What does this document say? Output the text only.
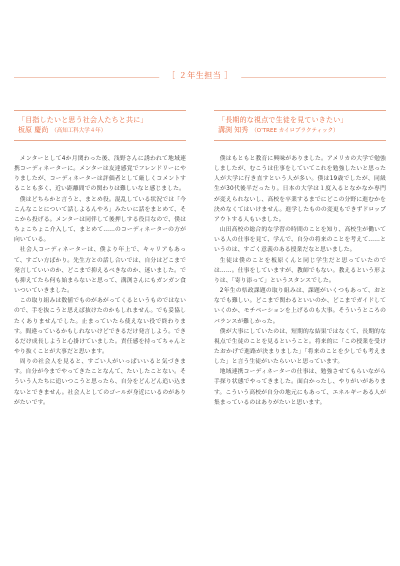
［ ２年生担当 ］
「目指したいと思う社会人たちと共に」
板原 慶尚 （高知工科大学４年）

メンターとして4か月関わった後、浅野さんに誘われて地域連携コーディネーターに。メンターは友達感覚でフレンドリーにやりましたが、コーディネーターは評価者として厳しくコメントすることも多く、近い距離間での関わりは難しいなと感じました。

僕はどちらかと言うと、まとめ役。混乱している状況では「今こんなことについて話しよるんやろ」みたいに話をまとめて、そこから投げる。メンターは同伴して後押しする役目なので、僕はちょこちょこ介入して、まとめて……のコーディネーターの方が向いている。

社会人コーディネーターは、僕より年上で、キャリアもあって、すごい方ばかり。先生方との話し合いでは、自分はどこまで発言していいのか、どこまで抑えるべきなのか、迷いました。でも抑えてたら何も始まらないと思って、溝渕さんにもガンガン食いついていきました。

この取り組みは数値でものがあがってくるというものではないので、手を抜こうと思えば抜けたのかもしれません。でも妥協したくありませんでした。止まっていたら使えない役で終わります。間違っているかもしれないけどできるだけ発言しよう。できるだけ成長しようと心掛けていました。責任感を持ってちゃんとやり抜くことが大事だと思います。

周りの社会人を見ると、すごい人がいっぱいいると気づきます。自分が今までやってきたことなんて、たいしたことない。そういう人たちに追いつこうと思ったら、自分をどんどん追い込まないとできません。社会人としてのゴールが身近にいるのがありがたいです。

「長期的な視点で生徒を見ていきたい」
溝渕 知秀 （O‛TREE カイロプラクティック）

僕はもともと教育に興味がありました。アメリカの大学で勉強しましたが、むこうは仕事をしていてこれを勉強したいと思った人が大学に行き直すという人が多い。僕は19歳でしたが、同級生が30代後半だったり。日本の大学は１度入るとなかなか専門が変えられないし、高校を卒業するまでにどこの分野に進むかを決めなくてはいけません。進学したものの変更もできずドロップアウトする人もいました。

山田高校の総合的な学習の時間のことを知り、高校生が働いている人の仕事を見て、学んで、自分の将来のことを考えて……というのは、すごく意義のある授業だなと思いました。

生徒は僕のことを板原くんと同じ学生だと思っていたのでは……。仕事をしていますが、教師でもない。教えるという形よりは、「寄り添って」というスタンスでした。

2年生の県政課題の取り組みは、課題がいくつもあって、おとなでも難しい。どこまで関わるといいのか、どこまでガイドしていくのか、モチベーションを上げるのも大事。そういうところのバランスが難しかった。

僕が大事にしていたのは、短期的な結果ではなくて、長期的な視点で生徒のことを見るということ。将来的に「この授業を受けたおかげで進路が決まりました」「将来のことを少しでも考えました」と言う生徒がいたらいいと思っています。

地域連携コーディネーターの仕事は、勉強させてもらいながら手探り状態でやってきました。面白かったし、やりがいがあります。こういう高校が自分の地元にもあって、エネルギーある人が集まっているのはありがたいと思います。
